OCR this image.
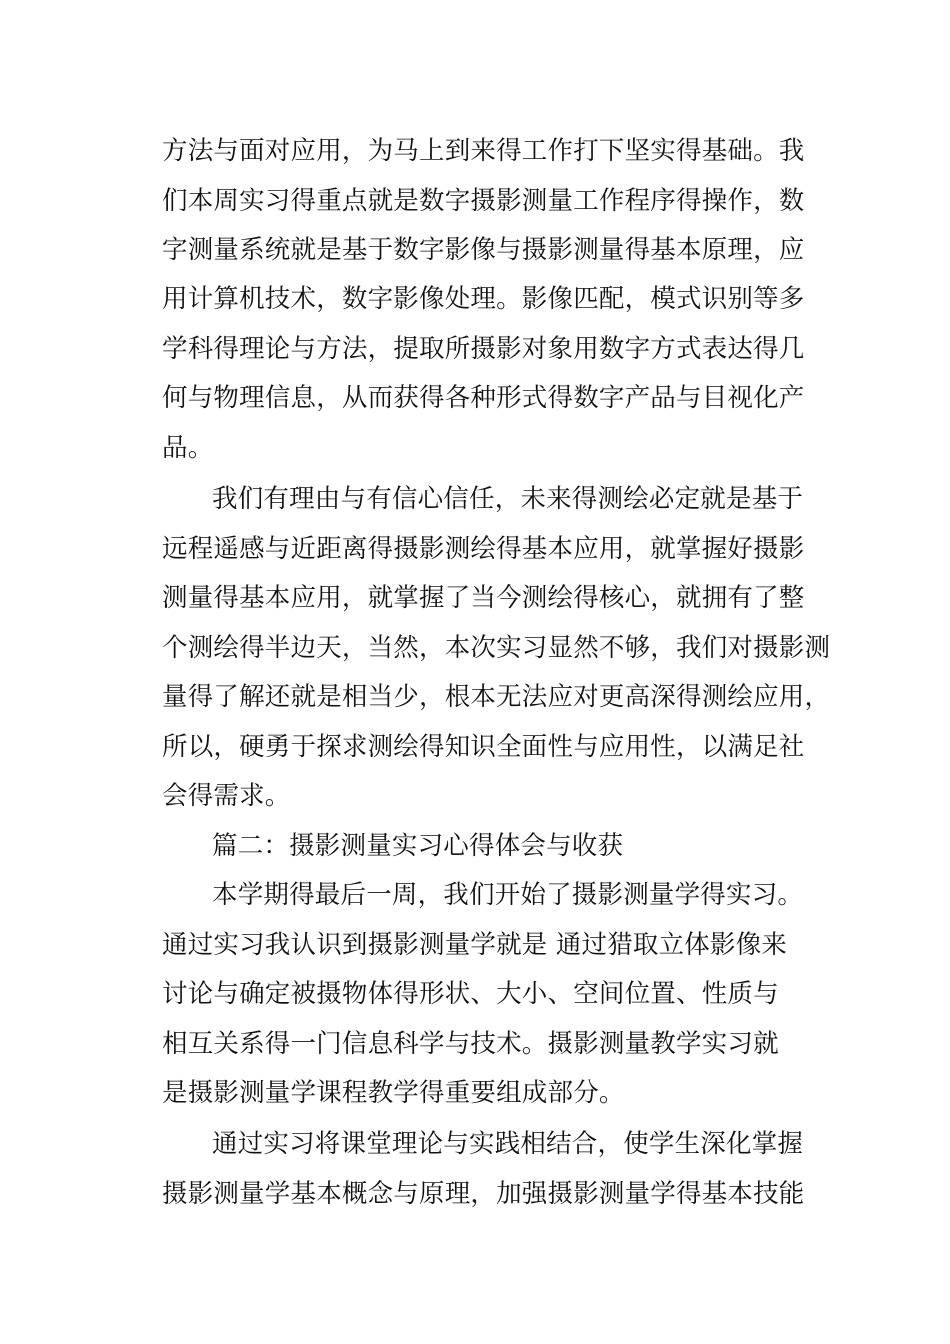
方法与面对应用，为马上到来得工作打下坚实得基础。我
们本周实习得重点就是数字摄影测量工作程序得操作，数
字测量系统就是基于数字影像与摄影测量得基本原理，应
用计算机技术，数字影像处理。影像匹配，模式识别等多
学科得理论与方法，提取所摄影对象用数字方式表达得几
何与物理信息，从而获得各种形式得数字产品与目视化产
品。
我们有理由与有信心信任，未来得测绘必定就是基于
远程遥感与近距离得摄影测绘得基本应用，就掌握好摄影
测量得基本应用，就掌握了当今测绘得核心，就拥有了整
个测绘得半边天，当然，本次实习显然不够，我们对摄影测
量得了解还就是相当少，根本无法应对更高深得测绘应用，
所以，硬勇于探求测绘得知识全面性与应用性，以满足社
会得需求。
篇二：摄影测量实习心得体会与收获
本学期得最后一周，我们开始了摄影测量学得实习。
通过实习我认识到摄影测量学就是 通过猎取立体影像来
讨论与确定被摄物体得形状、大小、空间位置、性质与
相互关系得一门信息科学与技术。摄影测量教学实习就
是摄影测量学课程教学得重要组成部分。
通过实习将课堂理论与实践相结合，使学生深化掌握
摄影测量学基本概念与原理，加强摄影测量学得基本技能
